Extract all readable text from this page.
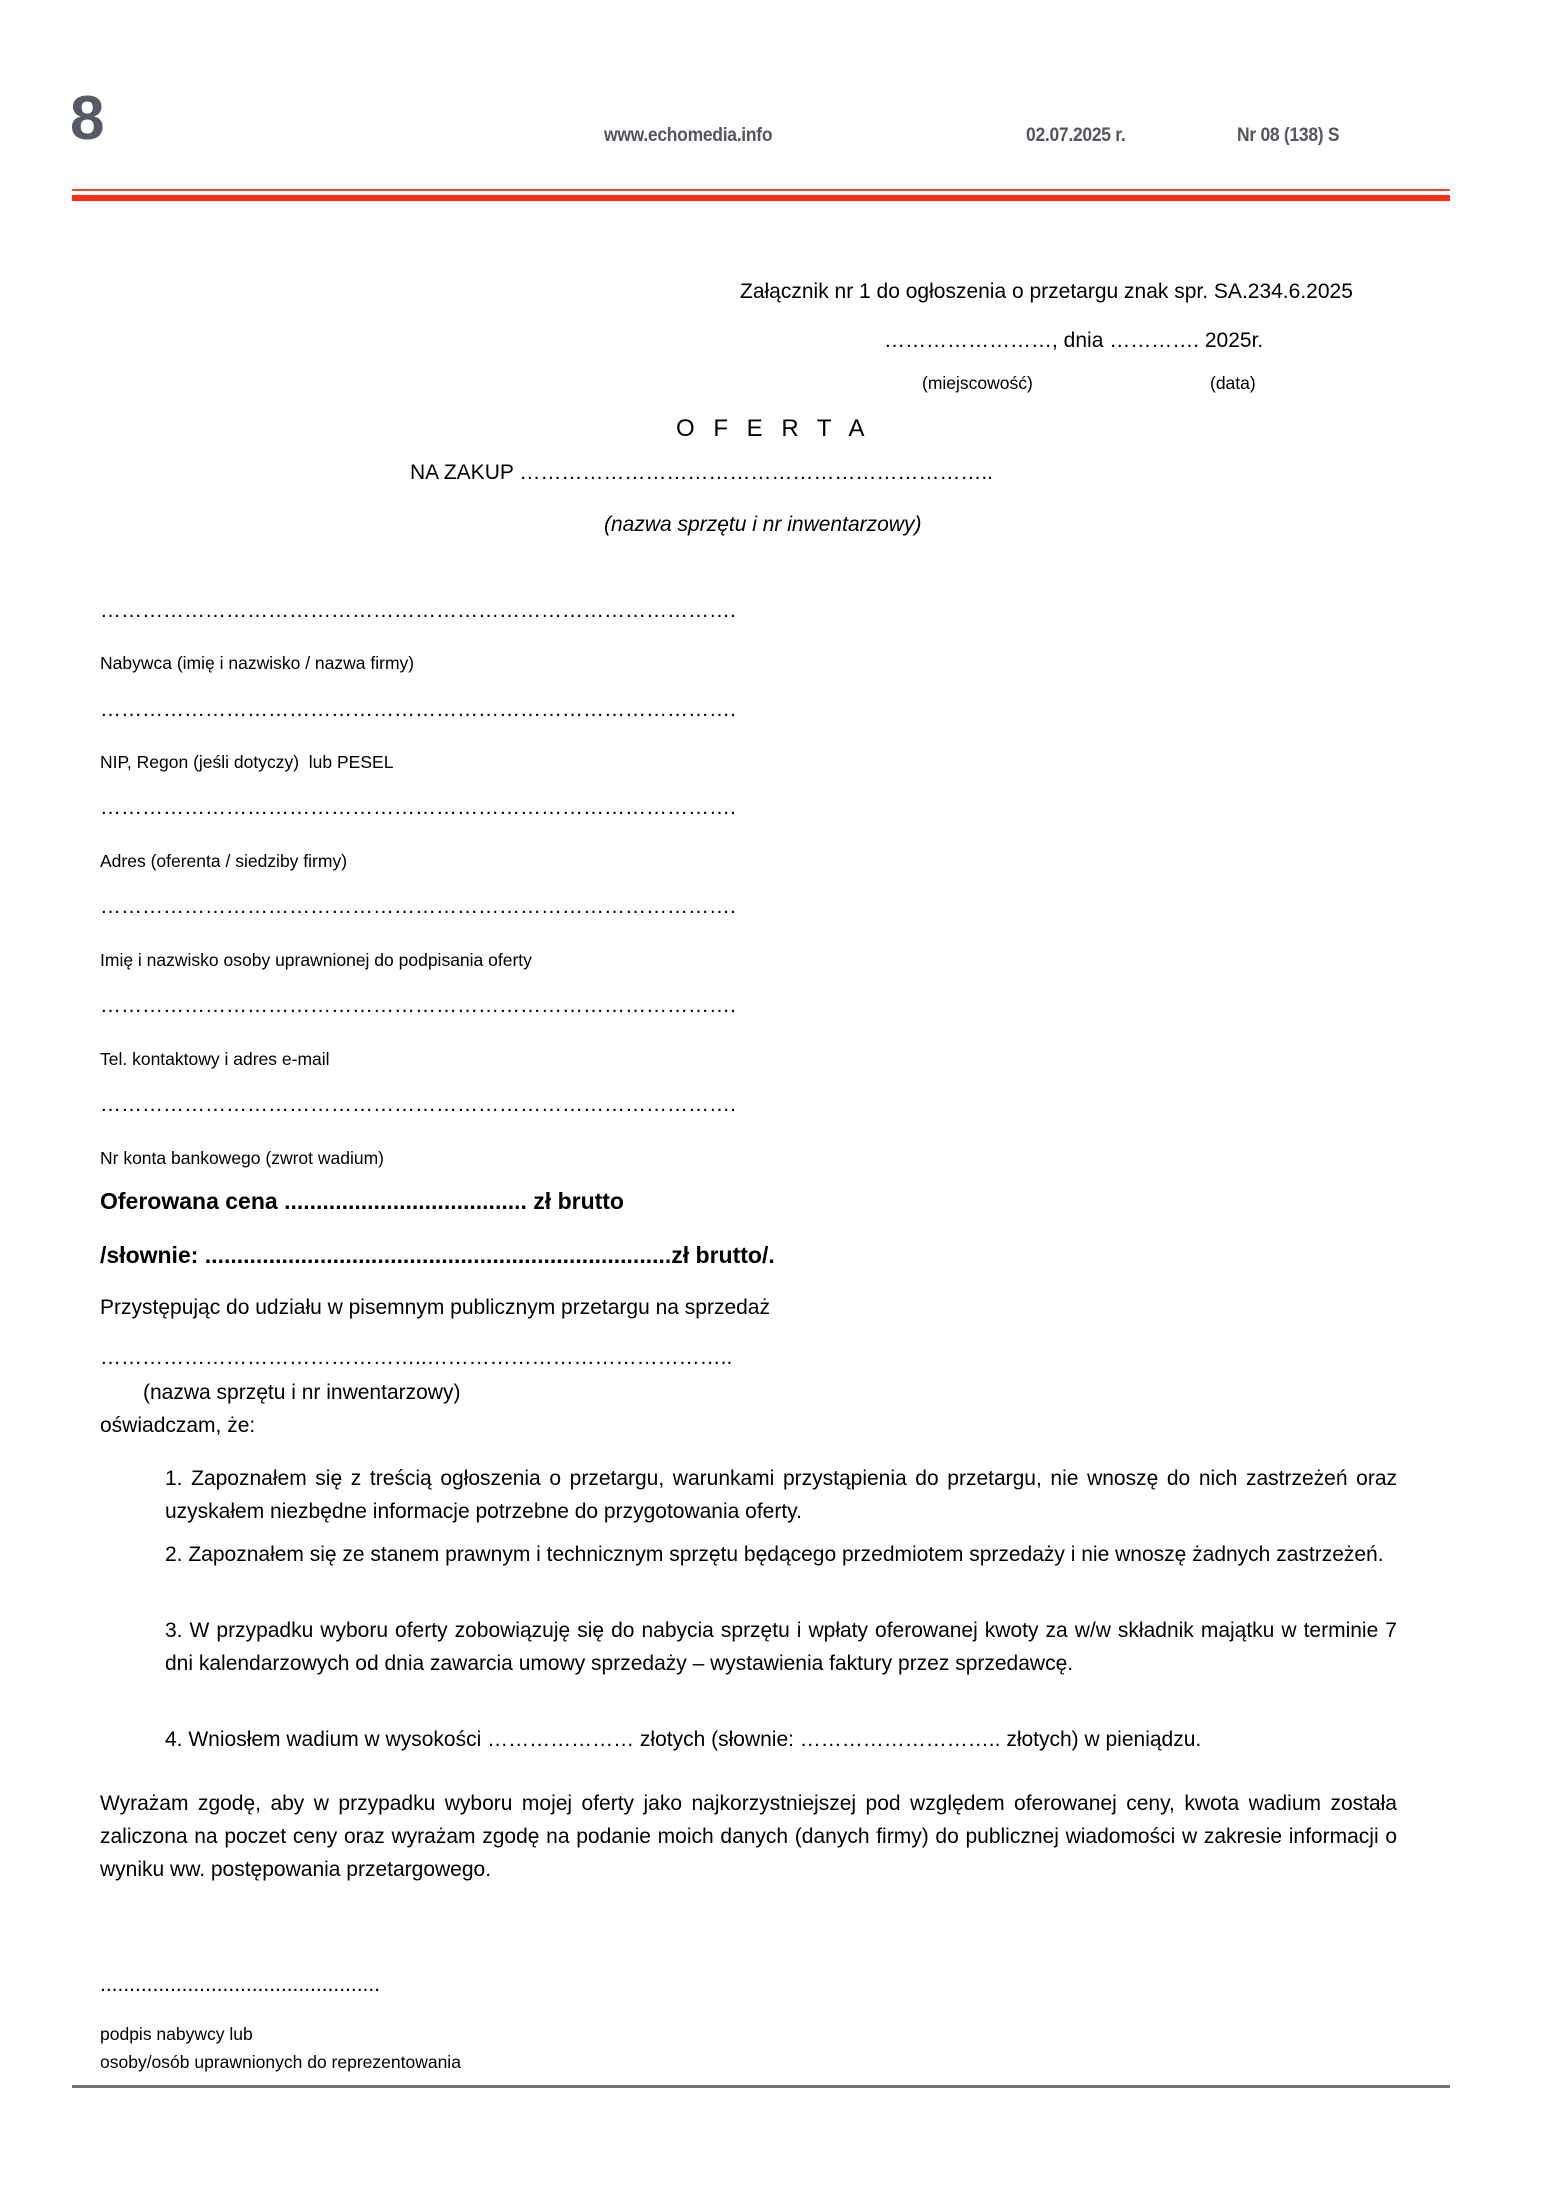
8	www.echomedia.info	02.07.2025 r.	Nr 08 (138) S
Załącznik nr 1 do ogłoszenia o przetargu znak spr. SA.234.6.2025
……………………, dnia …………. 2025r.
(miejscowość)	(data)
O F E R T A
NA ZAKUP …………………………………………………………..
(nazwa sprzętu i nr inwentarzowy)
……………………………………………………………………………….
Nabywca (imię i nazwisko / nazwa firmy)
……………………………………………………………………………….
NIP, Regon (jeśli dotyczy)  lub PESEL
……………………………………………………………………………….
Adres (oferenta / siedziby firmy)
……………………………………………………………………………….
Imię i nazwisko osoby uprawnionej do podpisania oferty
……………………………………………………………………………….
Tel. kontaktowy i adres e-mail
……………………………………………………………………………….
Nr konta bankowego (zwrot wadium)
Oferowana cena ...................................... zł brutto
/słownie: .........................................................................zł brutto/.
Przystępując do udziału w pisemnym publicznym przetargu na sprzedaż
………………………………………..……………………………………..
(nazwa sprzętu i nr inwentarzowy)
oświadczam, że:
1. Zapoznałem się z treścią ogłoszenia o przetargu, warunkami przystąpienia do przetargu, nie wnoszę do nich zastrzeżeń oraz uzyskałem niezbędne informacje potrzebne do przygotowania oferty.
2. Zapoznałem się ze stanem prawnym i technicznym sprzętu będącego przedmiotem sprzedaży i nie wnoszę żadnych zastrzeżeń.
3. W przypadku wyboru oferty zobowiązuję się do nabycia sprzętu i wpłaty oferowanej kwoty za w/w składnik majątku w terminie 7 dni kalendarzowych od dnia zawarcia umowy sprzedaży – wystawienia faktury przez sprzedawcę.
4. Wniosłem wadium w wysokości ………………… złotych (słownie: ……………………….. złotych) w pieniądzu.
Wyrażam zgodę, aby w przypadku wyboru mojej oferty jako najkorzystniejszej pod względem oferowanej ceny, kwota wadium została zaliczona na poczet ceny oraz wyrażam zgodę na podanie moich danych (danych firmy) do publicznej wiadomości w zakresie informacji o wyniku ww. postępowania przetargowego.
................................................
podpis nabywcy lub
osoby/osób uprawnionych do reprezentowania
